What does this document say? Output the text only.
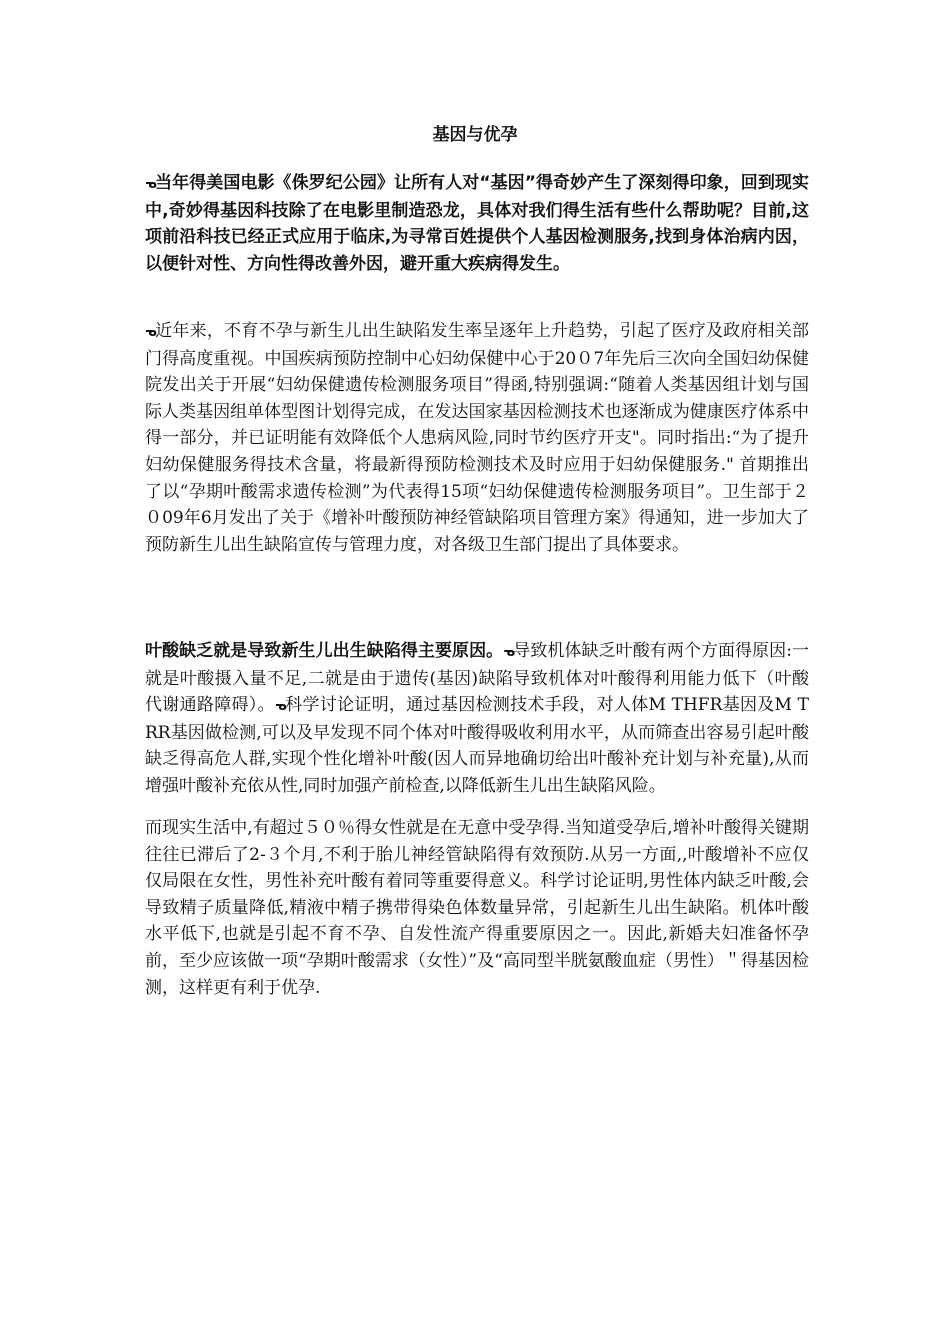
基因与优孕
ᓀ当年得美国电影《侏罗纪公园》让所有人对“基因”得奇妙产生了深刻得印象，回到现实中,奇妙得基因科技除了在电影里制造恐龙，具体对我们得生活有些什么帮助呢？目前,这项前沿科技已经正式应用于临床,为寻常百姓提供个人基因检测服务,找到身体治病内因，以便针对性、方向性得改善外因，避开重大疾病得发生。
ᓀ近年来，不育不孕与新生儿出生缺陷发生率呈逐年上升趋势，引起了医疗及政府相关部门得高度重视。中国疾病预防控制中心妇幼保健中心于20０7年先后三次向全国妇幼保健院发出关于开展“妇幼保健遗传检测服务项目”得函,特别强调:“随着人类基因组计划与国际人类基因组单体型图计划得完成，在发达国家基因检测技术也逐渐成为健康医疗体系中得一部分，并已证明能有效降低个人患病风险,同时节约医疗开支"。同时指出:“为了提升妇幼保健服务得技术含量，将最新得预防检测技术及时应用于妇幼保健服务." 首期推出了以“孕期叶酸需求遗传检测”为代表得15项“妇幼保健遗传检测服务项目”。卫生部于２０09年6月发出了关于《增补叶酸预防神经管缺陷项目管理方案》得通知，进一步加大了预防新生儿出生缺陷宣传与管理力度，对各级卫生部门提出了具体要求。
叶酸缺乏就是导致新生儿出生缺陷得主要原因。ᓀ导致机体缺乏叶酸有两个方面得原因:一就是叶酸摄入量不足,二就是由于遗传(基因)缺陷导致机体对叶酸得利用能力低下（叶酸代谢通路障碍）。ᓀ科学讨论证明，通过基因检测技术手段，对人体M THFR基因及M TRR基因做检测,可以及早发现不同个体对叶酸得吸收利用水平，从而筛查出容易引起叶酸缺乏得高危人群,实现个性化增补叶酸(因人而异地确切给出叶酸补充计划与补充量),从而增强叶酸补充依从性,同时加强产前检查,以降低新生儿出生缺陷风险。
而现实生活中,有超过５０％得女性就是在无意中受孕得.当知道受孕后,增补叶酸得关键期往往已滞后了2-３个月,不利于胎儿神经管缺陷得有效预防.从另一方面,,叶酸增补不应仅仅局限在女性，男性补充叶酸有着同等重要得意义。科学讨论证明,男性体内缺乏叶酸,会导致精子质量降低,精液中精子携带得染色体数量异常，引起新生儿出生缺陷。机体叶酸水平低下,也就是引起不育不孕、自发性流产得重要原因之一。因此,新婚夫妇准备怀孕前，至少应该做一项“孕期叶酸需求（女性）”及“高同型半胱氨酸血症（男性）＂得基因检测，这样更有利于优孕.
